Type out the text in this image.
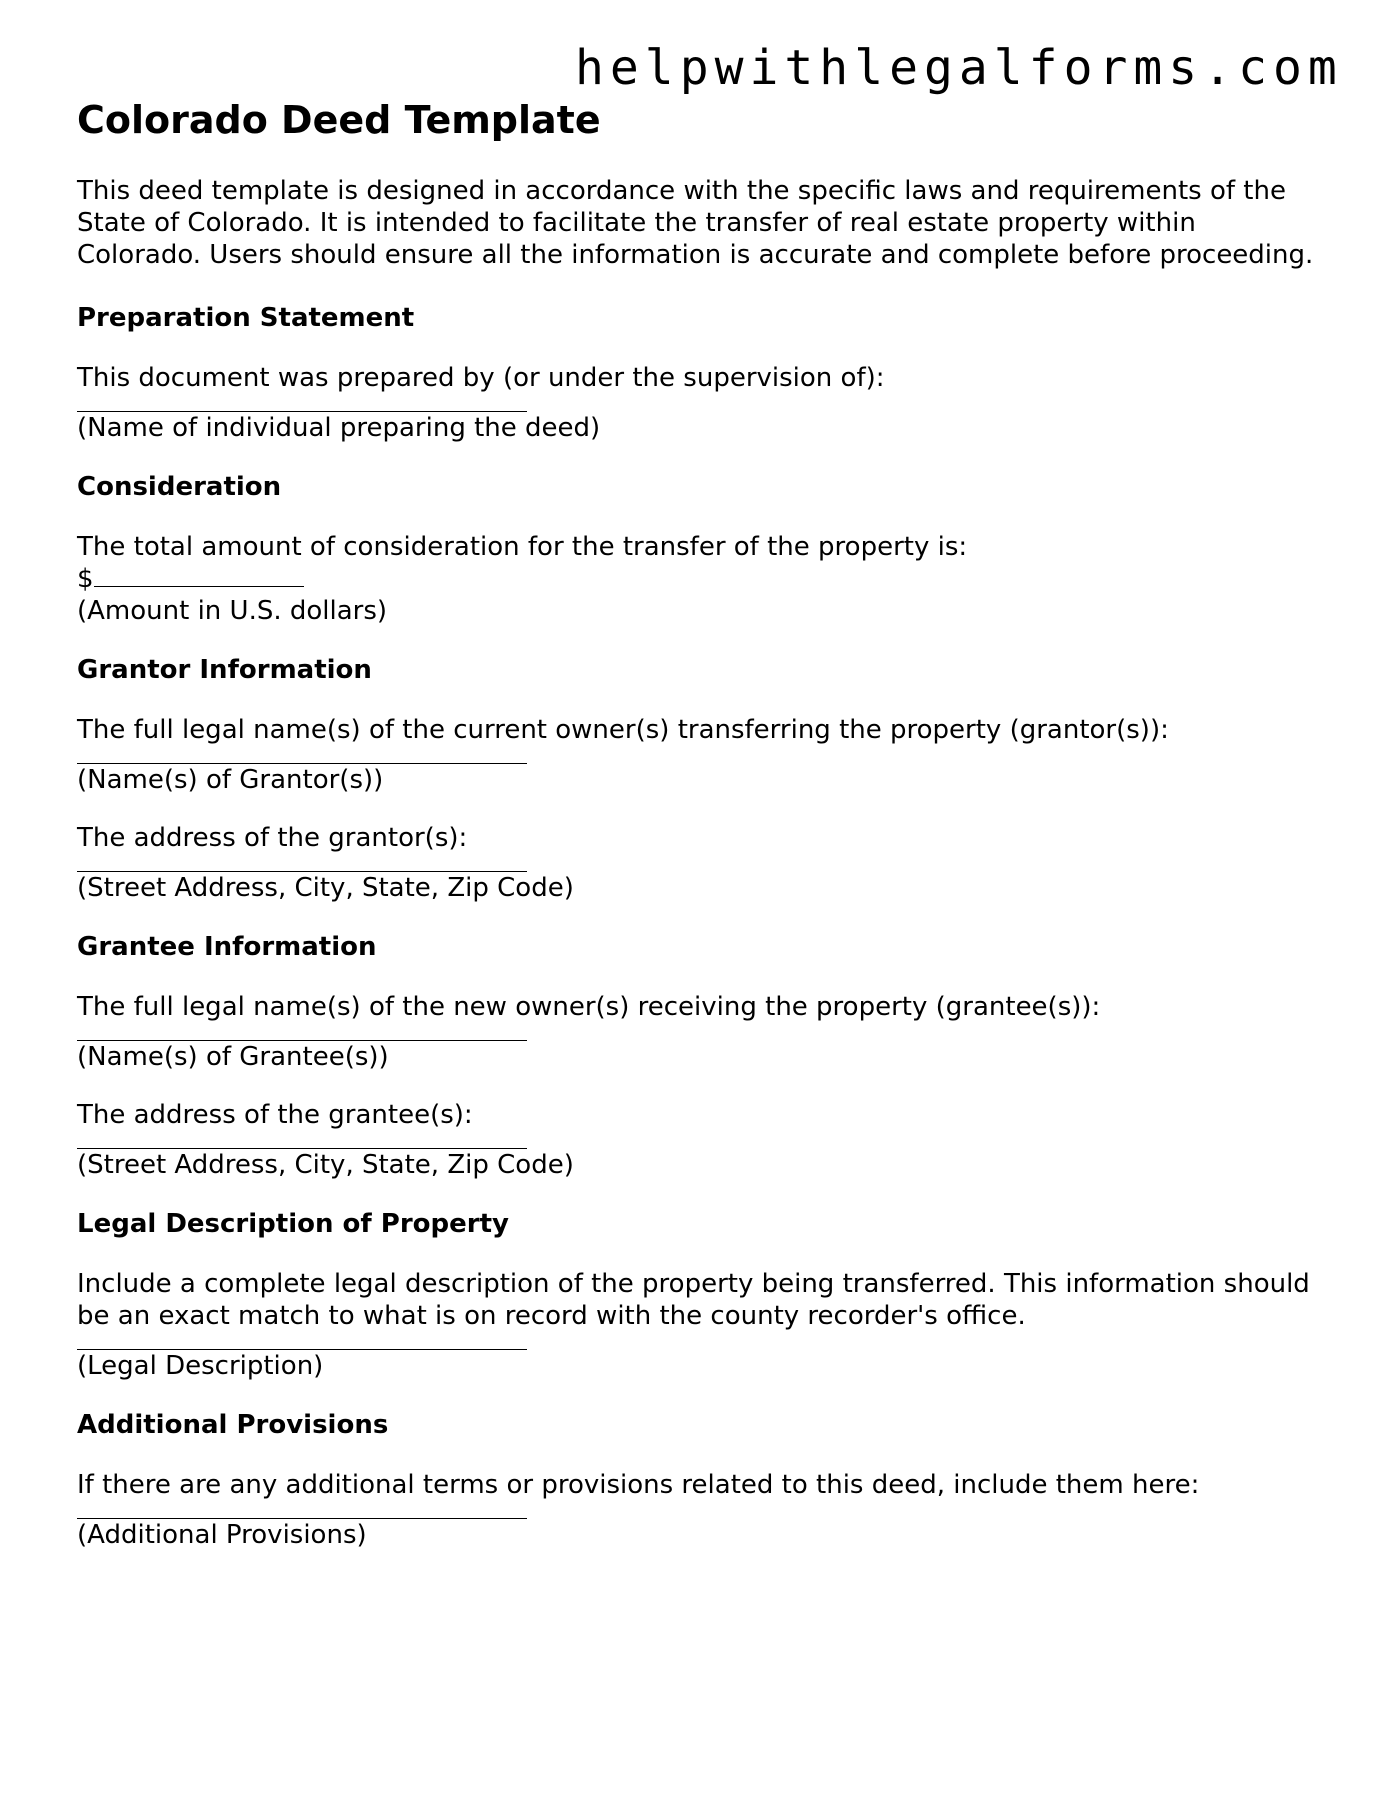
helpwithlegalforms.com
Colorado Deed Template

This deed template is designed in accordance with the specific laws and requirements of the State of Colorado. It is intended to facilitate the transfer of real estate property within Colorado. Users should ensure all the information is accurate and complete before proceeding.

Preparation Statement

This document was prepared by (or under the supervision of):

(Name of individual preparing the deed)

Consideration

The total amount of consideration for the transfer of the property is:

$

(Amount in U.S. dollars)

Grantor Information

The full legal name(s) of the current owner(s) transferring the property (grantor(s)):

(Name(s) of Grantor(s))

The address of the grantor(s):

(Street Address, City, State, Zip Code)

Grantee Information

The full legal name(s) of the new owner(s) receiving the property (grantee(s)):

(Name(s) of Grantee(s))

The address of the grantee(s):

(Street Address, City, State, Zip Code)

Legal Description of Property

Include a complete legal description of the property being transferred. This information should be an exact match to what is on record with the county recorder's office.

(Legal Description)

Additional Provisions

If there are any additional terms or provisions related to this deed, include them here:

(Additional Provisions)
